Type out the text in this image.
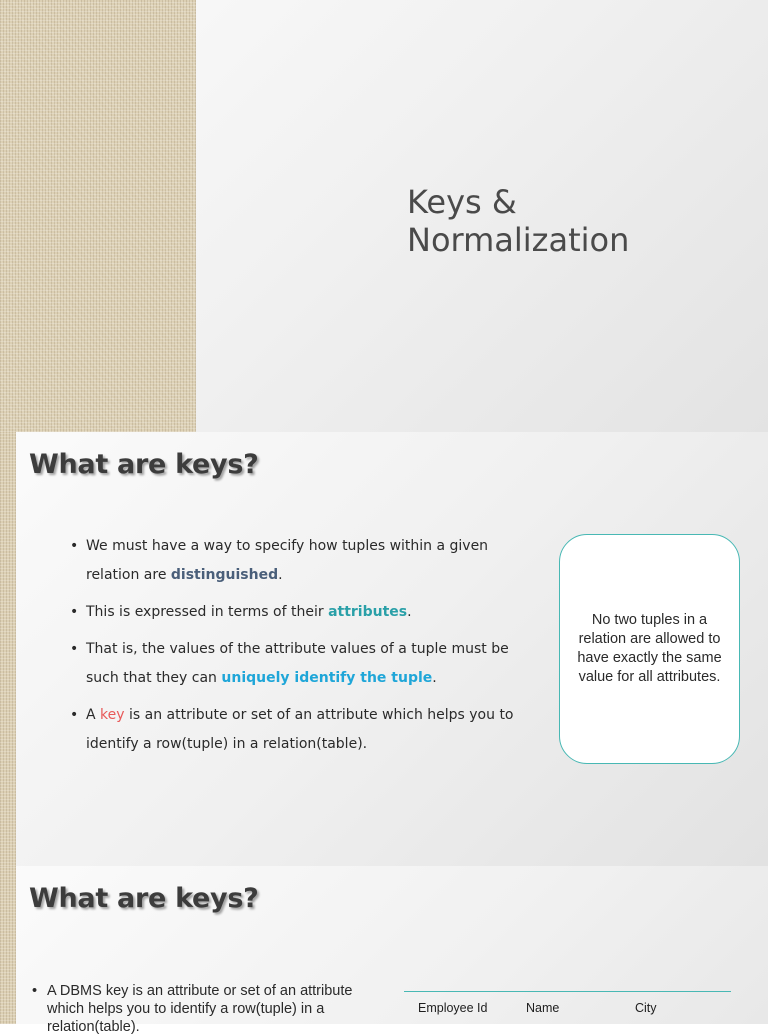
Keys &
Normalization
What are keys?
• We must have a way to specify how tuples within a given relation are distinguished.
• This is expressed in terms of their attributes.
• That is, the values of the attribute values of a tuple must be such that they can uniquely identify the tuple.
• A key is an attribute or set of an attribute which helps you to identify a row(tuple) in a relation(table).
No two tuples in a relation are allowed to have exactly the same
value for all attributes.
What are keys?
• A DBMS key is an attribute or set of an attribute which helps you to identify a row(tuple) in a relation(table).
Employee Id	Name	City
